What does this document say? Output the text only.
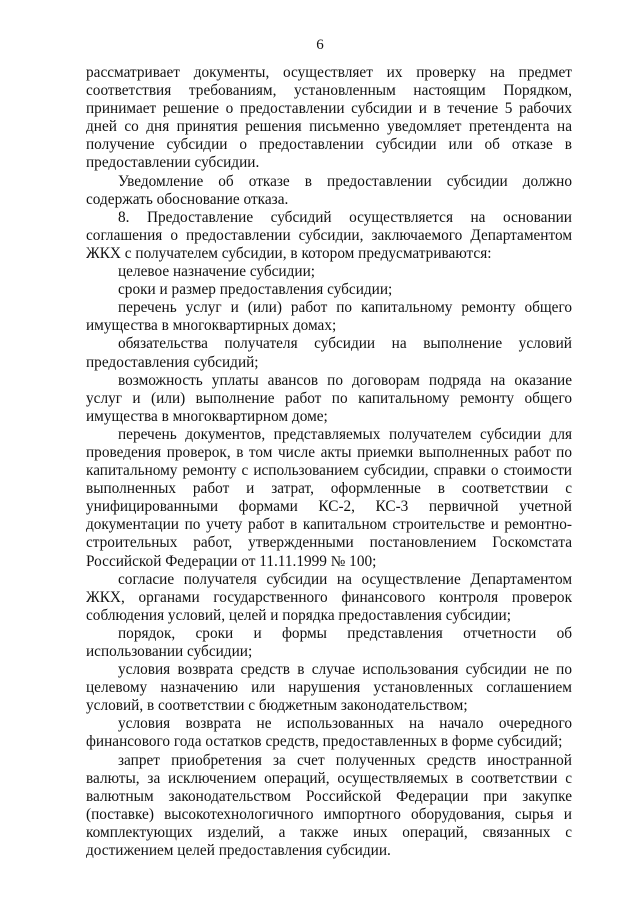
6

рассматривает документы, осуществляет их проверку на предмет соответствия требованиям, установленным настоящим Порядком, принимает решение о предоставлении субсидии и в течение 5 рабочих дней со дня принятия решения письменно уведомляет претендента на получение субсидии о предоставлении субсидии или об отказе в предоставлении субсидии.

Уведомление об отказе в предоставлении субсидии должно содержать обоснование отказа.

8. Предоставление субсидий осуществляется на основании соглашения о предоставлении субсидии, заключаемого Департаментом ЖКХ с получателем субсидии, в котором предусматриваются:

целевое назначение субсидии;

сроки и размер предоставления субсидии;

перечень услуг и (или) работ по капитальному ремонту общего имущества в многоквартирных домах;

обязательства получателя субсидии на выполнение условий предоставления субсидий;

возможность уплаты авансов по договорам подряда на оказание услуг и (или) выполнение работ по капитальному ремонту общего имущества в многоквартирном доме;

перечень документов, представляемых получателем субсидии для проведения проверок, в том числе акты приемки выполненных работ по капитальному ремонту с использованием субсидии, справки о стоимости выполненных работ и затрат, оформленные в соответствии с унифицированными формами КС-2, КС-3 первичной учетной документации по учету работ в капитальном строительстве и ремонтно-строительных работ, утвержденными постановлением Госкомстата Российской Федерации от 11.11.1999 № 100;

согласие получателя субсидии на осуществление Департаментом ЖКХ, органами государственного финансового контроля проверок соблюдения условий, целей и порядка предоставления субсидии;

порядок, сроки и формы представления отчетности об использовании субсидии;

условия возврата средств в случае использования субсидии не по целевому назначению или нарушения установленных соглашением условий, в соответствии с бюджетным законодательством;

условия возврата не использованных на начало очередного финансового года остатков средств, предоставленных в форме субсидий;

запрет приобретения за счет полученных средств иностранной валюты, за исключением операций, осуществляемых в соответствии с валютным законодательством Российской Федерации при закупке (поставке) высокотехнологичного импортного оборудования, сырья и комплектующих изделий, а также иных операций, связанных с достижением целей предоставления субсидии.
